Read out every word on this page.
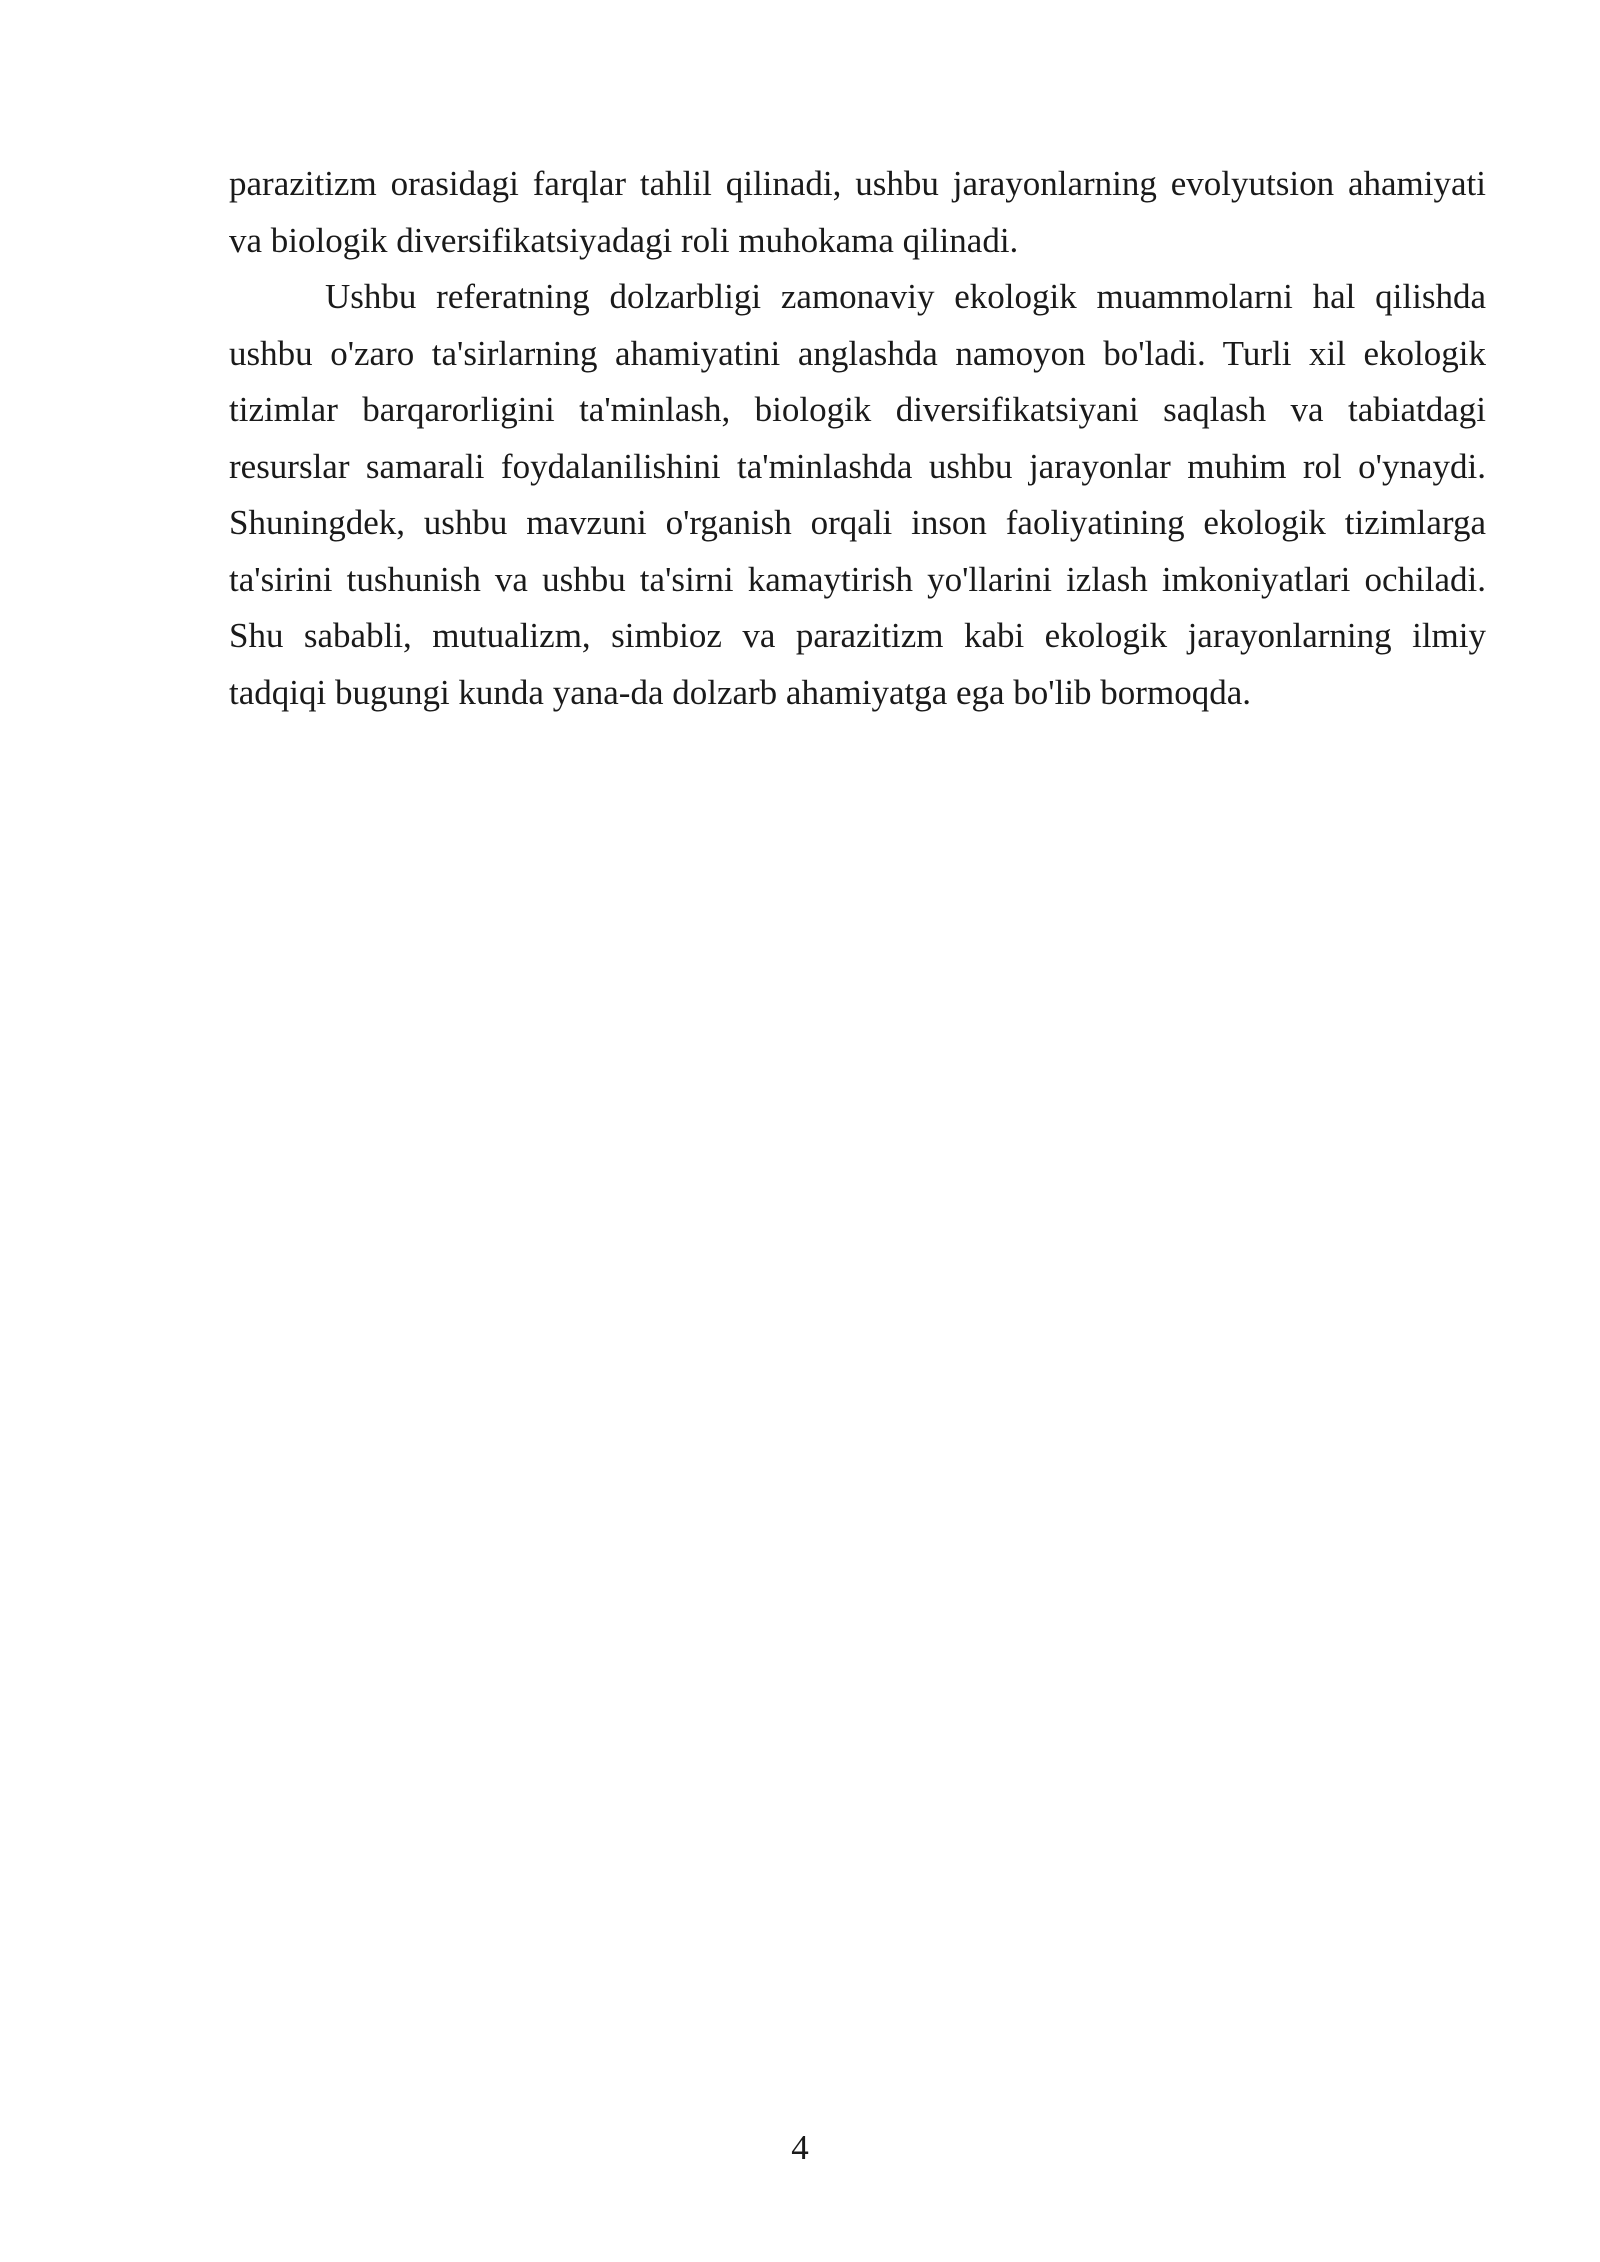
parazitizm orasidagi farqlar tahlil qilinadi, ushbu jarayonlarning evolyutsion ahamiyati va biologik diversifikatsiyadagi roli muhokama qilinadi.

Ushbu referatning dolzarbligi zamonaviy ekologik muammolarni hal qilishda ushbu o'zaro ta'sirlarning ahamiyatini anglashda namoyon bo'ladi. Turli xil ekologik tizimlar barqarorligini ta'minlash, biologik diversifikatsiyani saqlash va tabiatdagi resurslar samarali foydalanilishini ta'minlashda ushbu jarayonlar muhim rol o'ynaydi. Shuningdek, ushbu mavzuni o'rganish orqali inson faoliyatining ekologik tizimlarga ta'sirini tushunish va ushbu ta'sirni kamaytirish yo'llarini izlash imkoniyatlari ochiladi. Shu sababli, mutualizm, simbioz va parazitizm kabi ekologik jarayonlarning ilmiy tadqiqi bugungi kunda yana-da dolzarb ahamiyatga ega bo'lib bormoqda.

4
